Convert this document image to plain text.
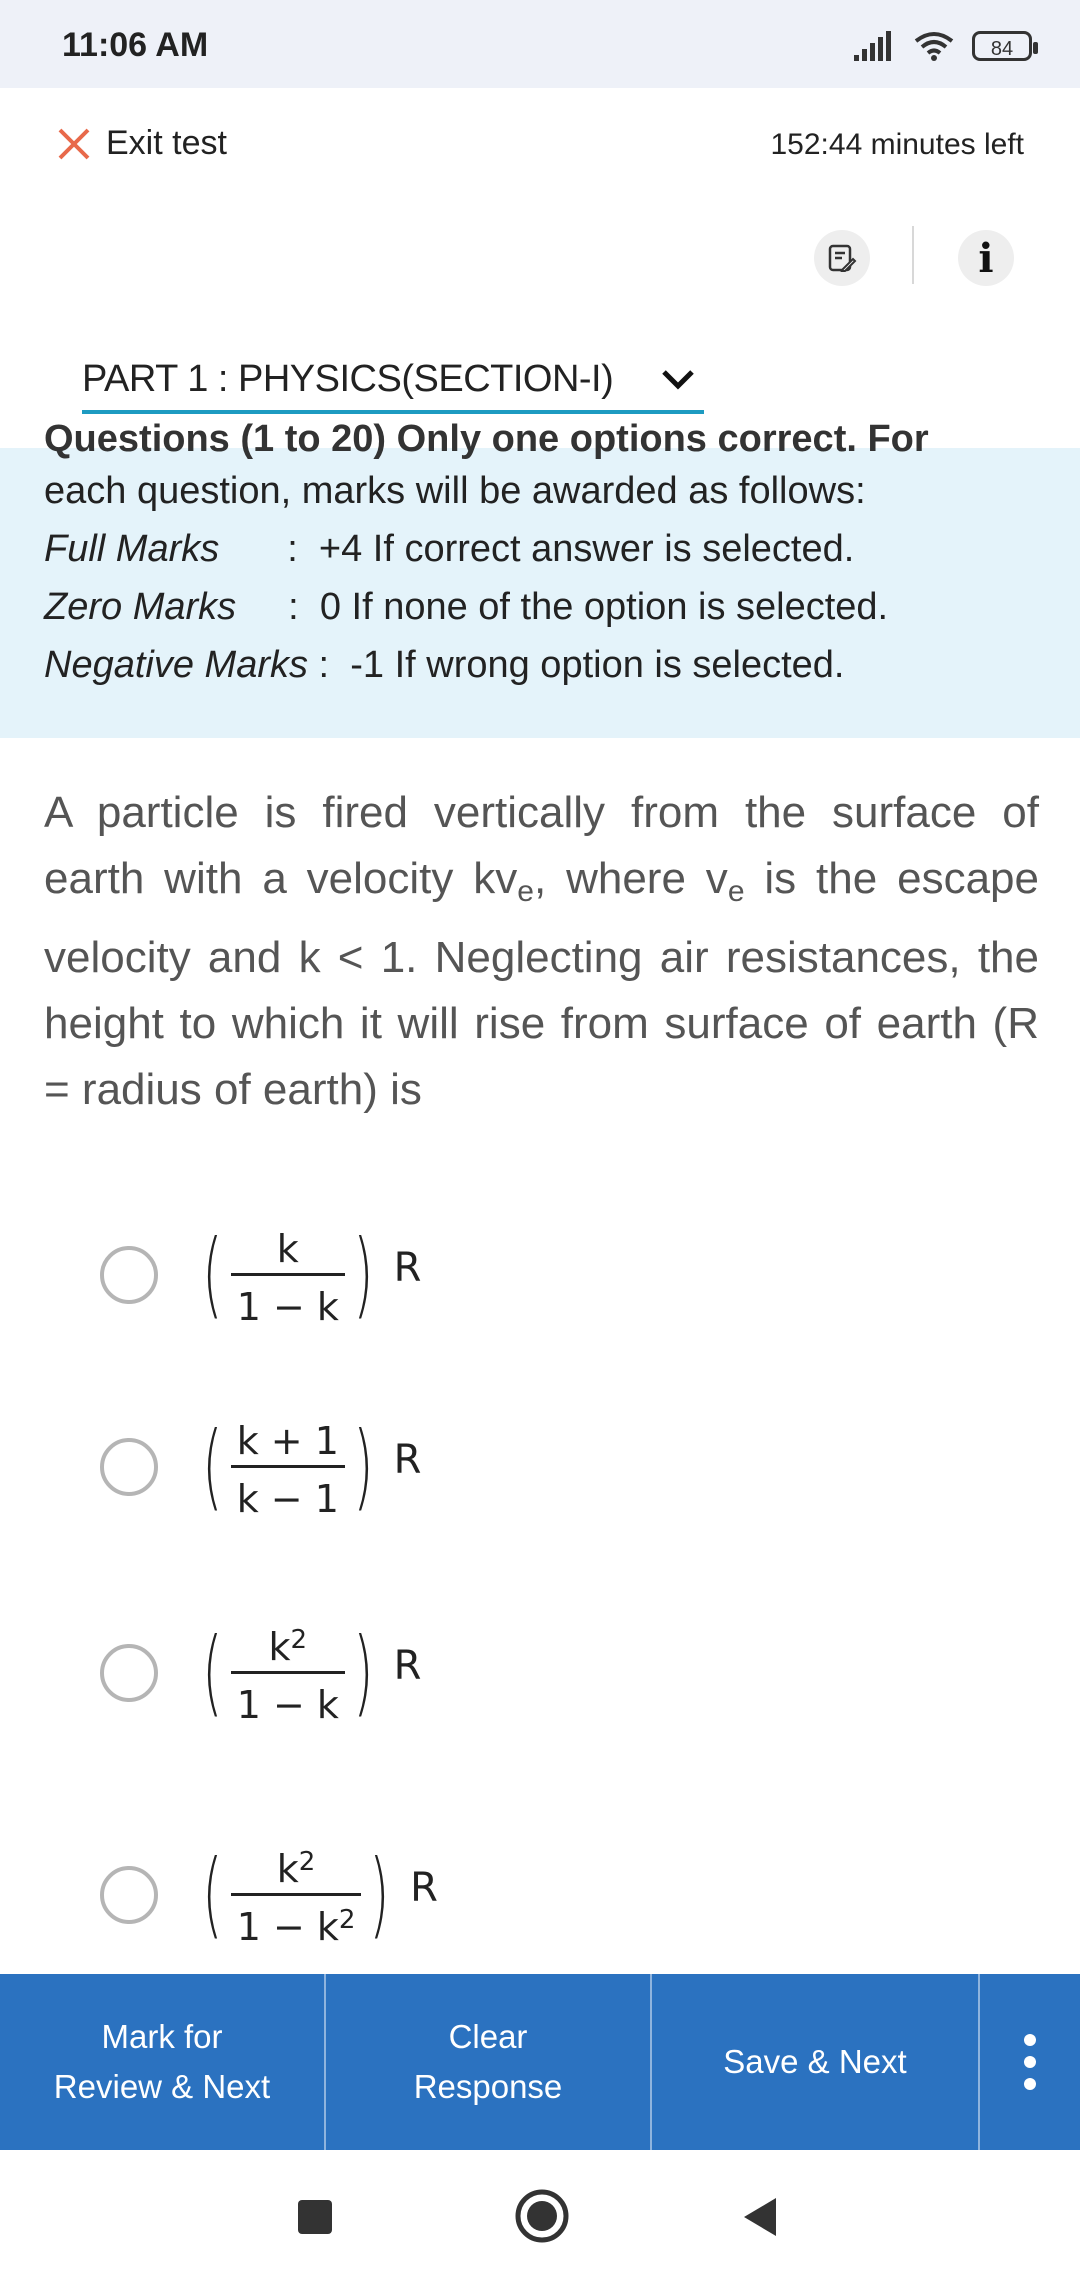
11:06 AM	84
Exit test	152:44 minutes left
i
PART 1 : PHYSICS(SECTION-I)
Questions (1 to 20) Only one options correct. For
each question, marks will be awarded as follows:
Full Marks : +4 If correct answer is selected.
Zero Marks : 0 If none of the option is selected.
Negative Marks : -1 If wrong option is selected.
A particle is fired vertically from the surface of earth with a velocity $kv_e$, where $v_e$ is the escape velocity and k < 1. Neglecting air resistances, the height to which it will rise from surface of earth (R = radius of earth) is
( $\frac{k}{1 - k}$ ) R
( $\frac{k + 1}{k - 1}$ ) R
( $\frac{k^2}{1 - k}$ ) R
( $\frac{k^2}{1 - k^2}$ ) R
Mark for
Review & Next
Clear
Response
Save & Next
